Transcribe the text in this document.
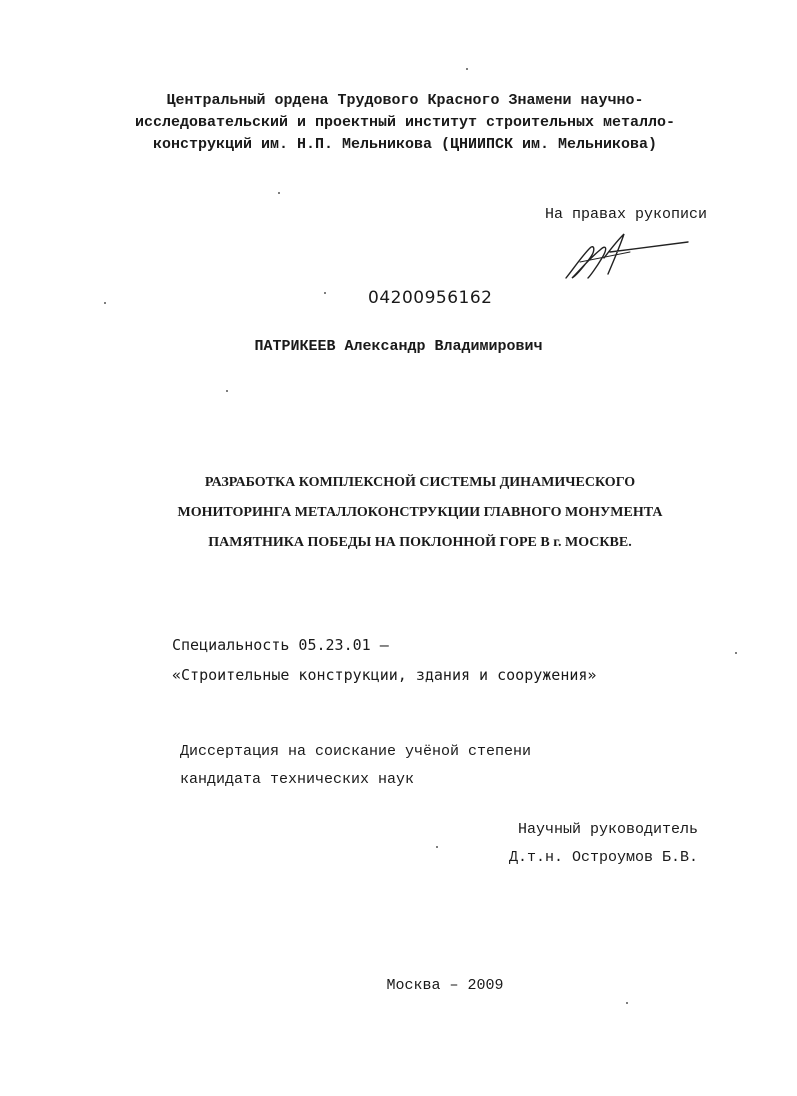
Центральный ордена Трудового Красного Знамени научно-
исследовательский и проектный институт строительных металло-
конструкций им. Н.П. Мельникова (ЦНИИПСК им. Мельникова)
На правах рукописи
04200956162
ПАТРИКЕЕВ Александр Владимирович
РАЗРАБОТКА КОМПЛЕКСНОЙ СИСТЕМЫ ДИНАМИЧЕСКОГО
МОНИТОРИНГА МЕТАЛЛОКОНСТРУКЦИИ ГЛАВНОГО МОНУМЕНТА
ПАМЯТНИКА ПОБЕДЫ НА ПОКЛОННОЙ ГОРЕ В г. МОСКВЕ.
Специальность 05.23.01 –
«Строительные конструкции, здания и сооружения»
Диссертация на соискание учёной степени
кандидата технических наук
Научный руководитель
Д.т.н. Остроумов Б.В.
Москва – 2009
